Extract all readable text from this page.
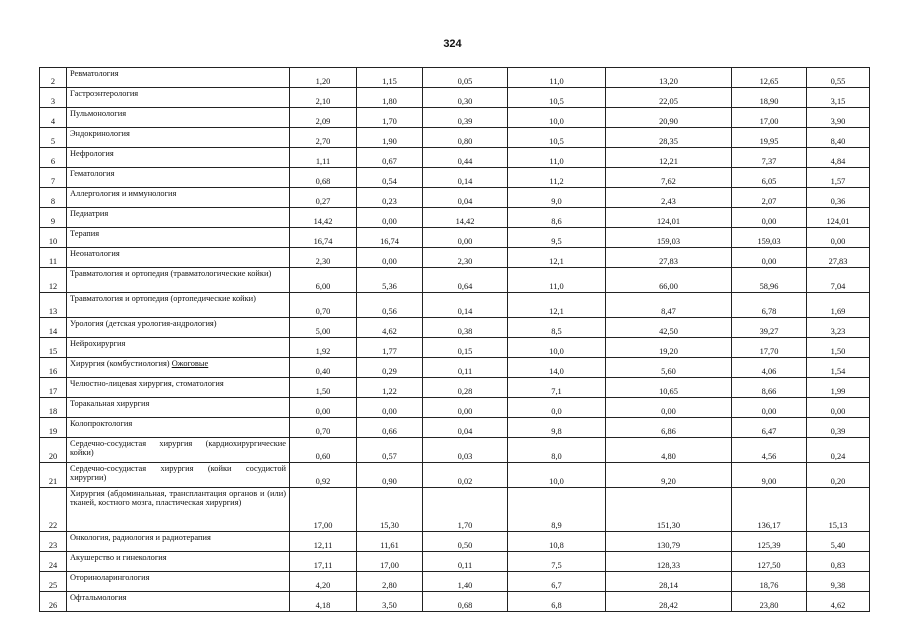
324
2	Ревматология	1,20	1,15	0,05	11,0	13,20	12,65	0,55
3	Гастроэнтерология	2,10	1,80	0,30	10,5	22,05	18,90	3,15
4	Пульмонология	2,09	1,70	0,39	10,0	20,90	17,00	3,90
5	Эндокринология	2,70	1,90	0,80	10,5	28,35	19,95	8,40
6	Нефрология	1,11	0,67	0,44	11,0	12,21	7,37	4,84
7	Гематология	0,68	0,54	0,14	11,2	7,62	6,05	1,57
8	Аллергология и иммунология	0,27	0,23	0,04	9,0	2,43	2,07	0,36
9	Педиатрия	14,42	0,00	14,42	8,6	124,01	0,00	124,01
10	Терапия	16,74	16,74	0,00	9,5	159,03	159,03	0,00
11	Неонатология	2,30	0,00	2,30	12,1	27,83	0,00	27,83
12	Травматология и ортопедия (травматологические койки)	6,00	5,36	0,64	11,0	66,00	58,96	7,04
13	Травматология и ортопедия (ортопедические койки)	0,70	0,56	0,14	12,1	8,47	6,78	1,69
14	Урология (детская урология-андрология)	5,00	4,62	0,38	8,5	42,50	39,27	3,23
15	Нейрохирургия	1,92	1,77	0,15	10,0	19,20	17,70	1,50
16	Хирургия (комбустиология) Ожоговые	0,40	0,29	0,11	14,0	5,60	4,06	1,54
17	Челюстно-лицевая хирургия, стоматология	1,50	1,22	0,28	7,1	10,65	8,66	1,99
18	Торакальная хирургия	0,00	0,00	0,00	0,0	0,00	0,00	0,00
19	Колопроктология	0,70	0,66	0,04	9,8	6,86	6,47	0,39
20	Сердечно-сосудистая хирургия (кардиохирургические койки)	0,60	0,57	0,03	8,0	4,80	4,56	0,24
21	Сердечно-сосудистая хирургия (койки сосудистой хирургии)	0,92	0,90	0,02	10,0	9,20	9,00	0,20
22	Хирургия (абдоминальная, трансплантация органов и (или) тканей, костного мозга, пластическая хирургия)	17,00	15,30	1,70	8,9	151,30	136,17	15,13
23	Онкология, радиология и радиотерапия	12,11	11,61	0,50	10,8	130,79	125,39	5,40
24	Акушерство и гинекология	17,11	17,00	0,11	7,5	128,33	127,50	0,83
25	Оториноларингология	4,20	2,80	1,40	6,7	28,14	18,76	9,38
26	Офтальмология	4,18	3,50	0,68	6,8	28,42	23,80	4,62
